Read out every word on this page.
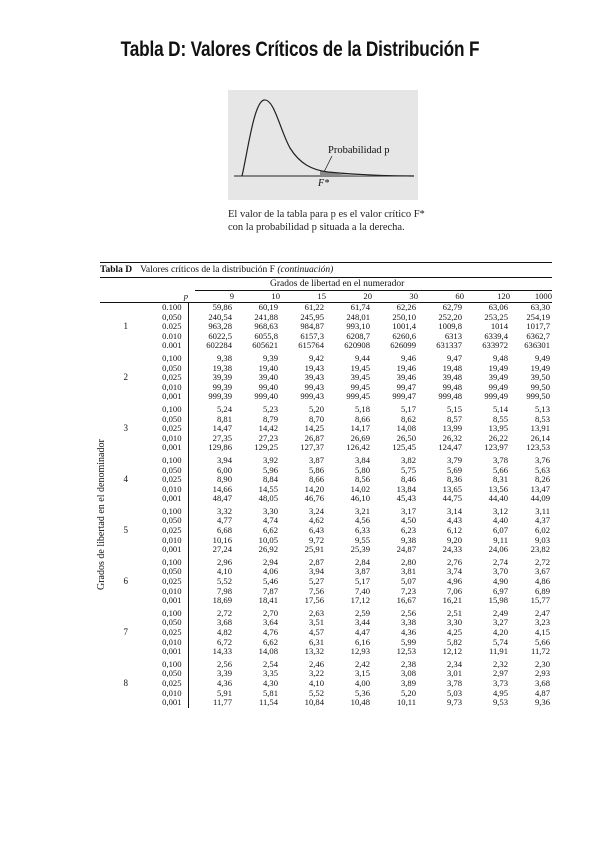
Tabla D: Valores Críticos de la Distribución F
Probabilidad p
F*
El valor de la tabla para p es el valor crítico F* con la probabilidad p situada a la derecha.
Tabla D Valores críticos de la distribución F (continuación)
Grados de libertad en el numerador
	p	9	10	15	20	30	60	120	1000
	0.100	59,86	60,19	61,22	61,74	62,26	62,79	63,06	63,30
	0,050	240,54	241,88	245,95	248,01	250,10	252,20	253,25	254,19
1	0.025	963,28	968,63	984,87	993,10	1001,4	1009,8	1014	1017,7
	0.010	6022,5	6055,8	6157,3	6208,7	6260,6	6313	6339,4	6362,7
	0.001	602284	605621	615764	620908	626099	631337	633972	636301
	0,100	9,38	9,39	9,42	9,44	9,46	9,47	9,48	9,49
	0,050	19,38	19,40	19,43	19,45	19,46	19,48	19,49	19,49
2	0,025	39,39	39,40	39,43	39,45	39,46	39,48	39,49	39,50
	0,010	99,39	99,40	99,43	99,45	99,47	99,48	99,49	99,50
	0,001	999,39	999,40	999,43	999,45	999,47	999,48	999,49	999,50
	0,100	5,24	5,23	5,20	5,18	5,17	5,15	5,14	5,13
	0,050	8,81	8,79	8,70	8,66	8,62	8,57	8,55	8,53
3	0,025	14,47	14,42	14,25	14,17	14,08	13,99	13,95	13,91
	0,010	27,35	27,23	26,87	26,69	26,50	26,32	26,22	26,14
	0,001	129,86	129,25	127,37	126,42	125,45	124,47	123,97	123,53
	0,100	3,94	3,92	3,87	3,84	3,82	3,79	3,78	3,76
	0,050	6,00	5,96	5,86	5,80	5,75	5,69	5,66	5,63
4	0,025	8,90	8,84	8,66	8,56	8,46	8,36	8,31	8,26
	0,010	14,66	14,55	14,20	14,02	13,84	13,65	13,56	13,47
	0,001	48,47	48,05	46,76	46,10	45,43	44,75	44,40	44,09
	0,100	3,32	3,30	3,24	3,21	3,17	3,14	3,12	3,11
	0,050	4,77	4,74	4,62	4,56	4,50	4,43	4,40	4,37
5	0,025	6,68	6,62	6,43	6,33	6,23	6,12	6,07	6,02
	0,010	10,16	10,05	9,72	9,55	9,38	9,20	9,11	9,03
	0,001	27,24	26,92	25,91	25,39	24,87	24,33	24,06	23,82
	0,100	2,96	2,94	2,87	2,84	2,80	2,76	2,74	2,72
	0,050	4,10	4,06	3,94	3,87	3,81	3,74	3,70	3,67
6	0,025	5,52	5,46	5,27	5,17	5,07	4,96	4,90	4,86
	0,010	7,98	7,87	7,56	7,40	7,23	7,06	6,97	6,89
	0,001	18,69	18,41	17,56	17,12	16,67	16,21	15,98	15,77
	0,100	2,72	2,70	2,63	2,59	2,56	2,51	2,49	2,47
	0,050	3,68	3,64	3,51	3,44	3,38	3,30	3,27	3,23
7	0,025	4,82	4,76	4,57	4,47	4,36	4,25	4,20	4,15
	0,010	6,72	6,62	6,31	6,16	5,99	5,82	5,74	5,66
	0,001	14,33	14,08	13,32	12,93	12,53	12,12	11,91	11,72
	0,100	2,56	2,54	2,46	2,42	2,38	2,34	2,32	2,30
	0,050	3,39	3,35	3,22	3,15	3,08	3,01	2,97	2,93
8	0,025	4,36	4,30	4,10	4,00	3,89	3,78	3,73	3,68
	0,010	5,91	5,81	5,52	5,36	5,20	5,03	4,95	4,87
	0,001	11,77	11,54	10,84	10,48	10,11	9,73	9,53	9,36
Grados de libertad en el denominador
